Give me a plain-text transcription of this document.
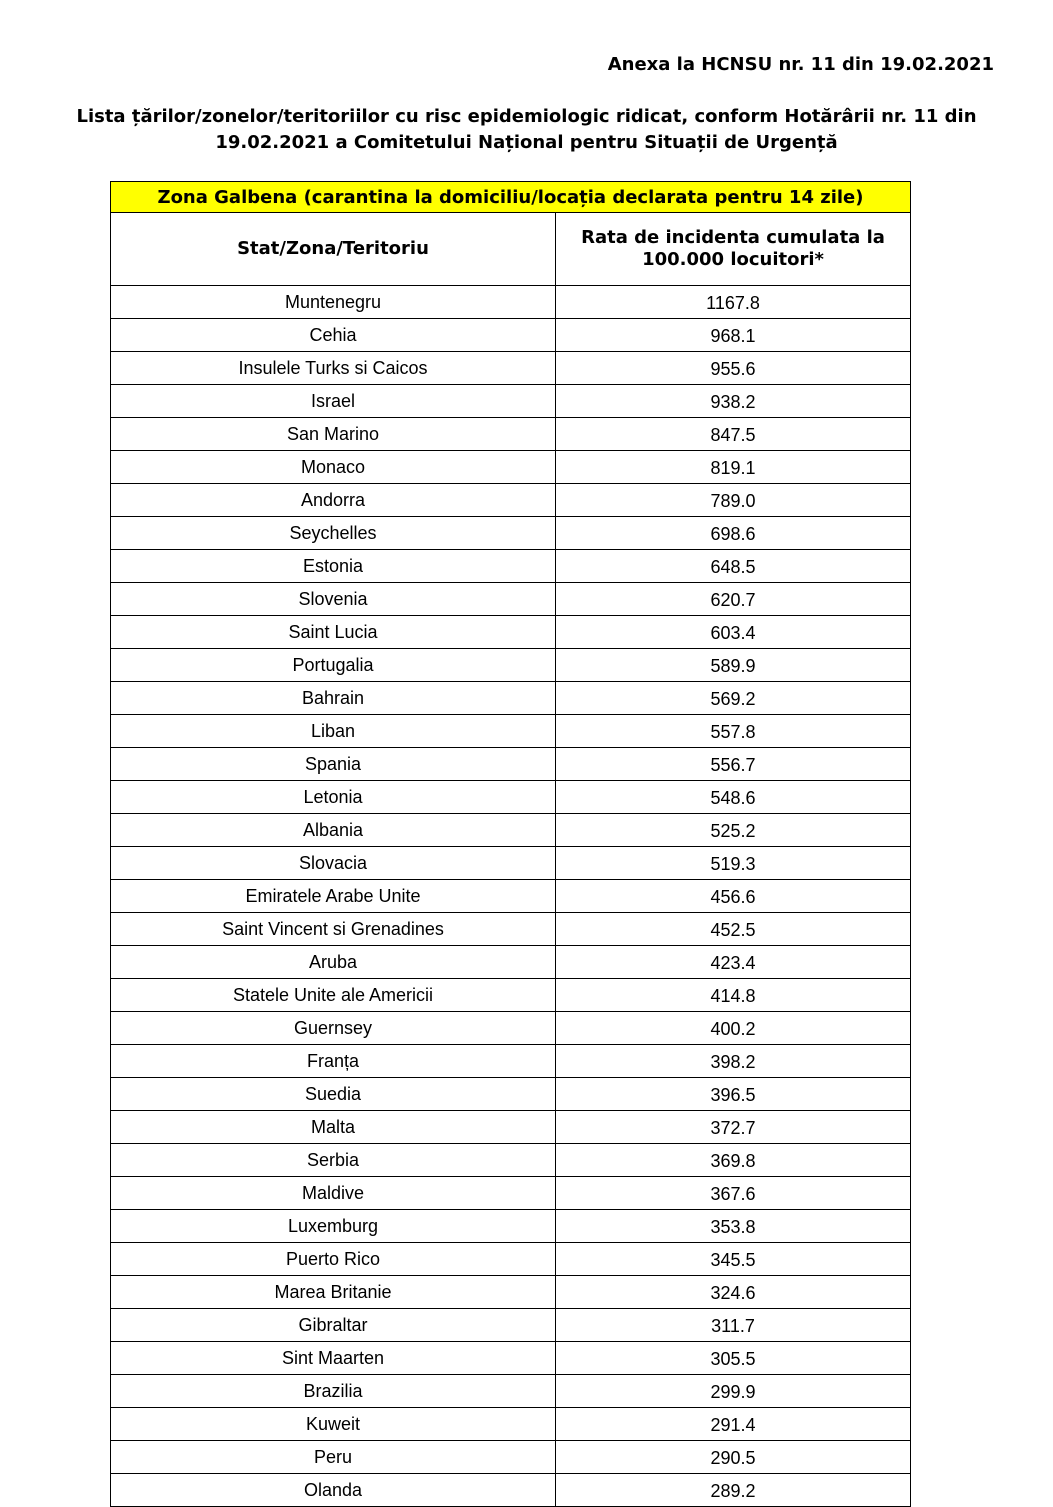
Anexa la HCNSU nr. 11 din 19.02.2021
Lista țărilor/zonelor/teritoriilor cu risc epidemiologic ridicat, conform Hotărârii nr. 11 din
19.02.2021 a Comitetului Național pentru Situații de Urgență
Zona Galbena (carantina la domiciliu/locația declarata pentru 14 zile)	
Stat/Zona/Teritoriu	Rata de incidenta cumulata la
100.000 locuitori*
Muntenegru	1167.8
Cehia	968.1
Insulele Turks si Caicos	955.6
Israel	938.2
San Marino	847.5
Monaco	819.1
Andorra	789.0
Seychelles	698.6
Estonia	648.5
Slovenia	620.7
Saint Lucia	603.4
Portugalia	589.9
Bahrain	569.2
Liban	557.8
Spania	556.7
Letonia	548.6
Albania	525.2
Slovacia	519.3
Emiratele Arabe Unite	456.6
Saint Vincent si Grenadines	452.5
Aruba	423.4
Statele Unite ale Americii	414.8
Guernsey	400.2
Franța	398.2
Suedia	396.5
Malta	372.7
Serbia	369.8
Maldive	367.6
Luxemburg	353.8
Puerto Rico	345.5
Marea Britanie	324.6
Gibraltar	311.7
Sint Maarten	305.5
Brazilia	299.9
Kuweit	291.4
Peru	290.5
Olanda	289.2
